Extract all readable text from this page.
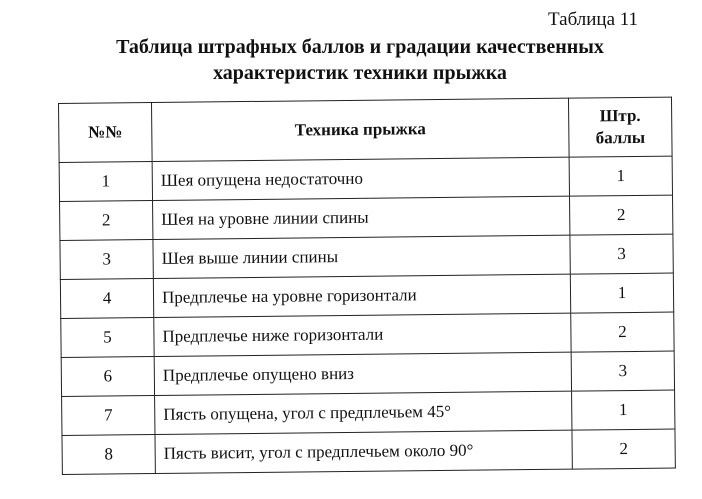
Таблица 11
Таблица штрафных баллов и градации качественных
характеристик техники прыжка
№№	Техника прыжка	Штр.
баллы

1	Шея опущена недостаточно	1
2	Шея на уровне линии спины	2
3	Шея выше линии спины	3
4	Предплечье на уровне горизонтали	1
5	Предплечье ниже горизонтали	2
6	Предплечье опущено вниз	3
7	Пясть опущена, угол с предплечьем 45°	1
8	Пясть висит, угол с предплечьем около 90°	2
